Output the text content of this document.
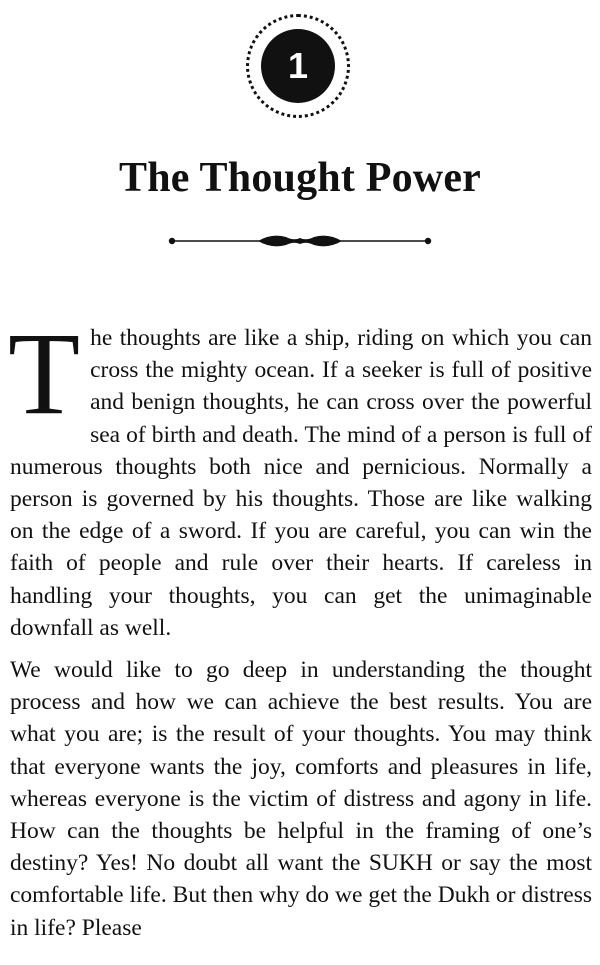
1
The Thought Power

The thoughts are like a ship, riding on which you can cross the mighty ocean. If a seeker is full of positive and benign thoughts, he can cross over the powerful sea of birth and death. The mind of a person is full of numerous thoughts both nice and pernicious. Normally a person is governed by his thoughts. Those are like walking on the edge of a sword. If you are careful, you can win the faith of people and rule over their hearts. If careless in handling your thoughts, you can get the unimaginable downfall as well.

We would like to go deep in understanding the thought process and how we can achieve the best results. You are what you are; is the result of your thoughts. You may think that everyone wants the joy, comforts and pleasures in life, whereas everyone is the victim of distress and agony in life. How can the thoughts be helpful in the framing of one’s destiny? Yes! No doubt all want the SUKH or say the most comfortable life. But then why do we get the Dukh or distress in life? Please
